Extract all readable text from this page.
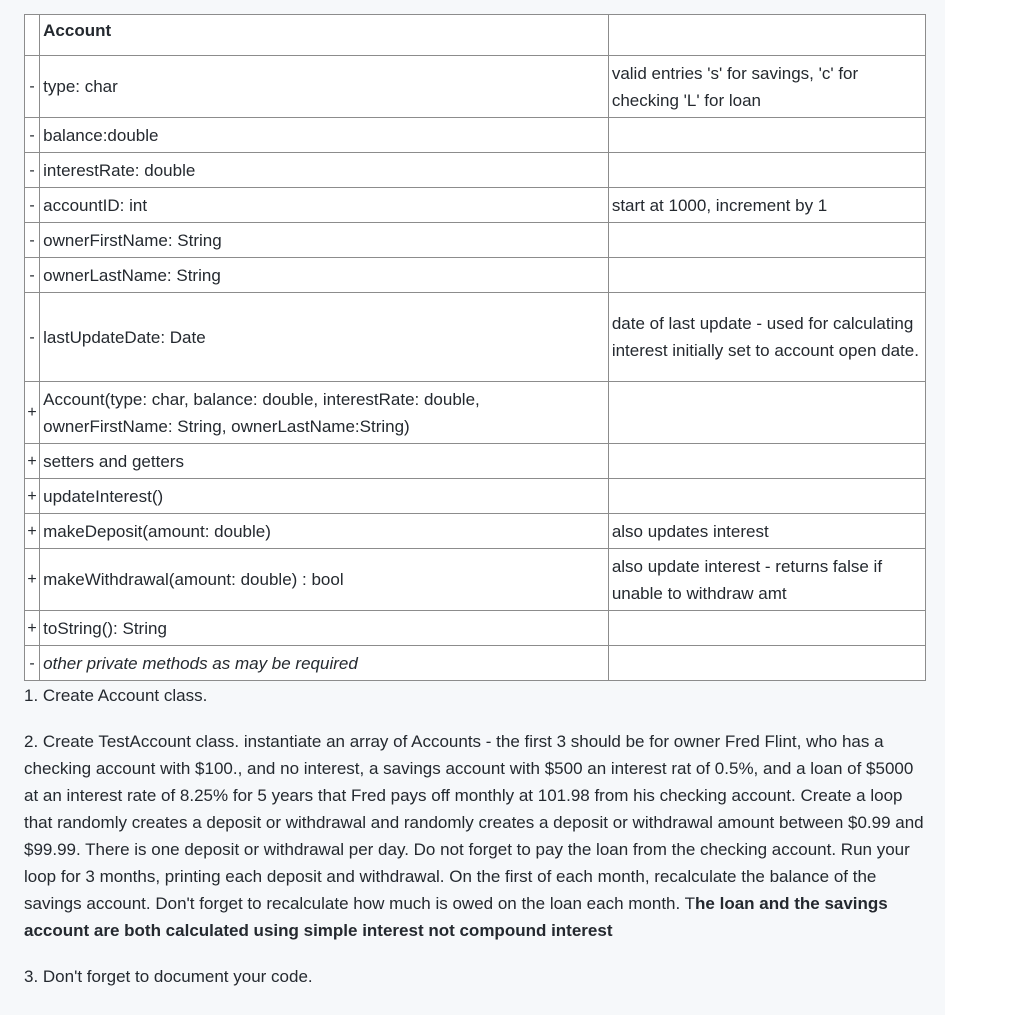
	Account	
-	type: char	valid entries 's' for savings, 'c' for checking 'L' for loan
-	balance:double	
-	interestRate: double	
-	accountID: int	start at 1000, increment by 1
-	ownerFirstName: String	
-	ownerLastName: String	
-	lastUpdateDate: Date	date of last update - used for calculating interest initially set to account open date.
+	Account(type: char, balance: double, interestRate: double, ownerFirstName: String, ownerLastName:String)	
+	setters and getters	
+	updateInterest()	
+	makeDeposit(amount: double)	also updates interest
+	makeWithdrawal(amount: double) : bool	also update interest - returns false if unable to withdraw amt
+	toString(): String	
-	other private methods as may be required	

1. Create Account class.

2. Create TestAccount class. instantiate an array of Accounts - the first 3 should be for owner Fred Flint, who has a checking account with $100., and no interest, a savings account with $500 an interest rat of 0.5%, and a loan of $5000 at an interest rate of 8.25% for 5 years that Fred pays off monthly at 101.98 from his checking account. Create a loop that randomly creates a deposit or withdrawal and randomly creates a deposit or withdrawal amount between $0.99 and $99.99. There is one deposit or withdrawal per day. Do not forget to pay the loan from the checking account. Run your loop for 3 months, printing each deposit and withdrawal. On the first of each month, recalculate the balance of the savings account. Don't forget to recalculate how much is owed on the loan each month. The loan and the savings account are both calculated using simple interest not compound interest

3. Don't forget to document your code.
